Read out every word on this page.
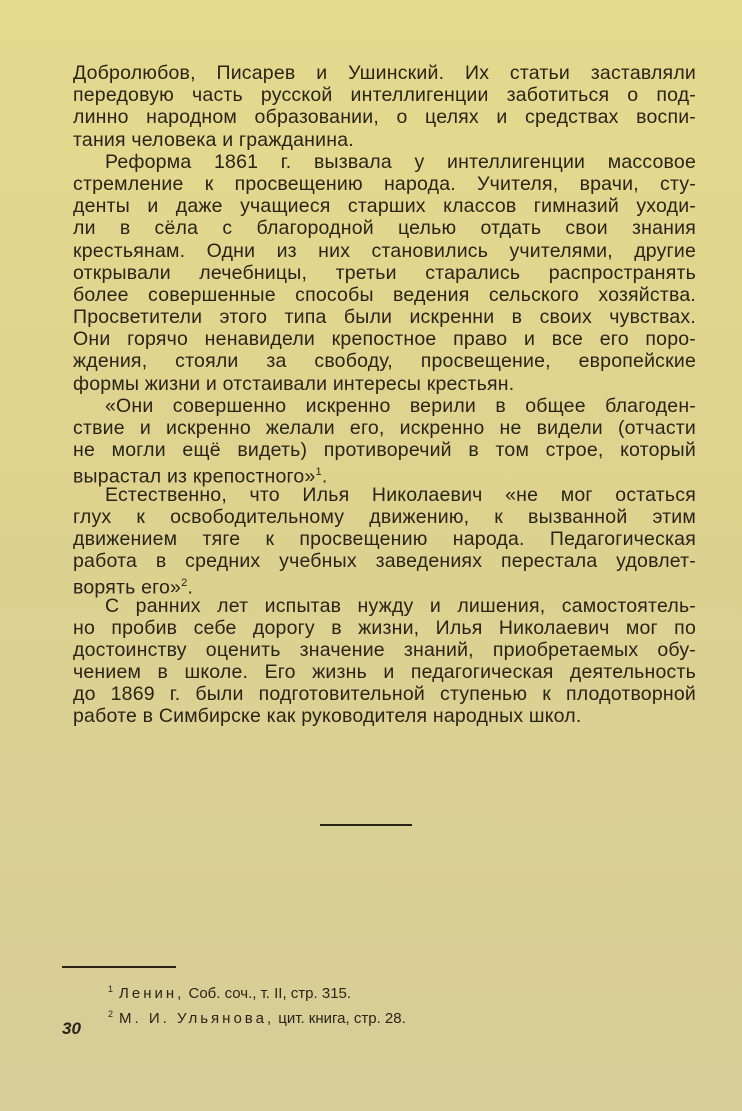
Добролюбов, Писарев и Ушинский. Их статьи заставляли
передовую часть русской интеллигенции заботиться о под-
линно народном образовании, о целях и средствах воспи-
тания человека и гражданина.
Реформа 1861 г. вызвала у интеллигенции массовое
стремление к просвещению народа. Учителя, врачи, сту-
денты и даже учащиеся старших классов гимназий уходи-
ли в сёла с благородной целью отдать свои знания
крестьянам. Одни из них становились учителями, другие
открывали лечебницы, третьи старались распространять
более совершенные способы ведения сельского хозяйства.
Просветители этого типа были искренни в своих чувствах.
Они горячо ненавидели крепостное право и все его поро-
ждения, стояли за свободу, просвещение, европейские
формы жизни и отстаивали интересы крестьян.
«Они совершенно искренно верили в общее благоден-
ствие и искренно желали его, искренно не видели (отчасти
не могли ещё видеть) противоречий в том строе, который
вырастал из крепостного»$^1$.
Естественно, что Илья Николаевич «не мог остаться
глух к освободительному движению, к вызванной этим
движением тяге к просвещению народа. Педагогическая
работа в средних учебных заведениях перестала удовлет-
ворять его»$^2$.
С ранних лет испытав нужду и лишения, самостоятель-
но пробив себе дорогу в жизни, Илья Николаевич мог по
достоинству оценить значение знаний, приобретаемых обу-
чением в школе. Его жизнь и педагогическая деятельность
до 1869 г. были подготовительной ступенью к плодотворной
работе в Симбирске как руководителя народных школ.
$^1$ Ленин, Соб. соч., т. II, стр. 315.
$^2$ М. И. Ульянова, цит. книга, стр. 28.
30
